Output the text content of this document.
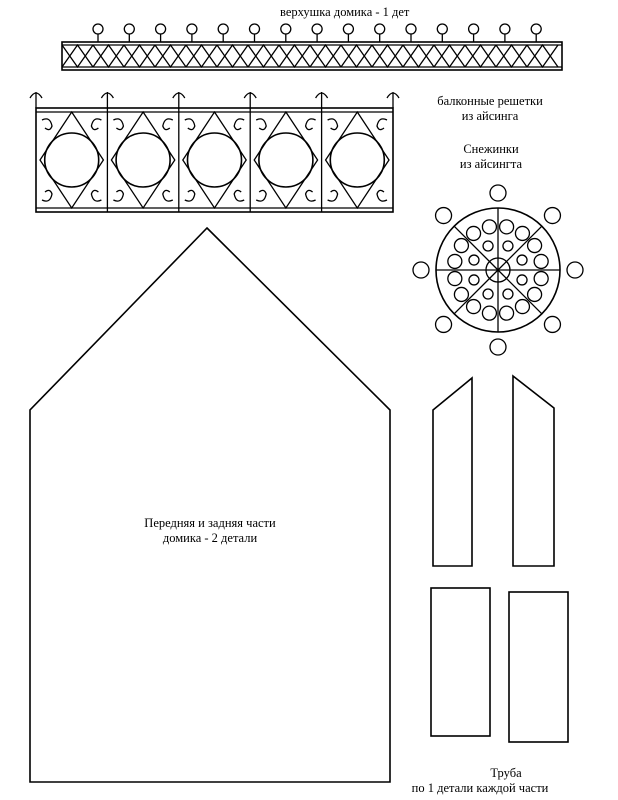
верхушка домика - 1 дет
балконные решетки
из айсинга
Снежинки
из айсингта
Передняя и задняя части
домика - 2 детали
Труба
по 1 детали каждой части
